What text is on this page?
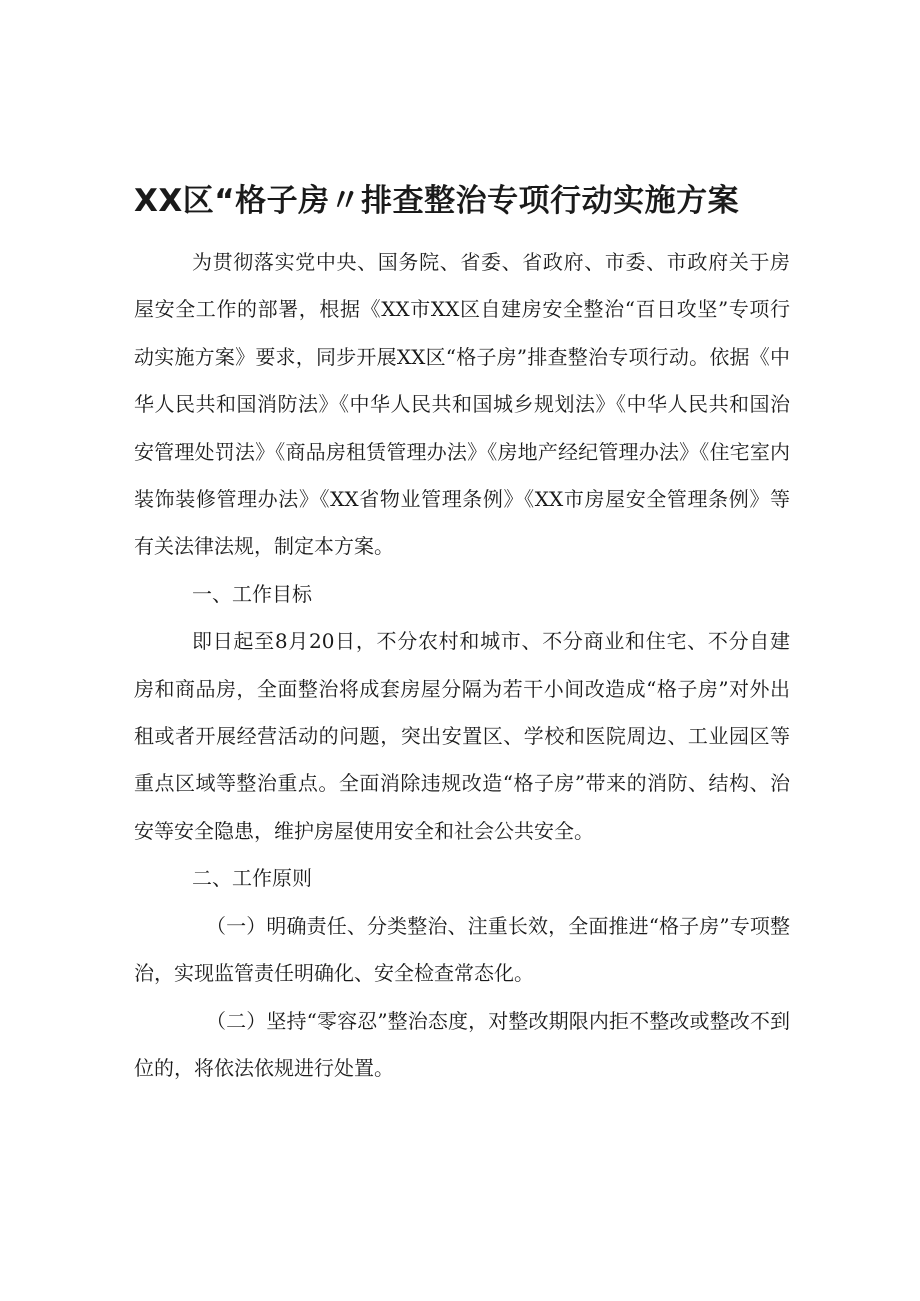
XX区“格子房〃排查整治专项行动实施方案

为贯彻落实党中央、国务院、省委、省政府、市委、市政府关于房屋安全工作的部署，根据《XX市XX区自建房安全整治“百日攻坚”专项行动实施方案》要求，同步开展XX区“格子房”排查整治专项行动。依据《中华人民共和国消防法》《中华人民共和国城乡规划法》《中华人民共和国治安管理处罚法》《商品房租赁管理办法》《房地产经纪管理办法》《住宅室内装饰装修管理办法》《XX省物业管理条例》《XX市房屋安全管理条例》等有关法律法规，制定本方案。

一、工作目标

即日起至8月20日，不分农村和城市、不分商业和住宅、不分自建房和商品房，全面整治将成套房屋分隔为若干小间改造成“格子房”对外出租或者开展经营活动的问题，突出安置区、学校和医院周边、工业园区等重点区域等整治重点。全面消除违规改造“格子房”带来的消防、结构、治安等安全隐患，维护房屋使用安全和社会公共安全。

二、工作原则

（一）明确责任、分类整治、注重长效，全面推进“格子房”专项整治，实现监管责任明确化、安全检查常态化。

（二）坚持“零容忍”整治态度，对整改期限内拒不整改或整改不到位的，将依法依规进行处置。
